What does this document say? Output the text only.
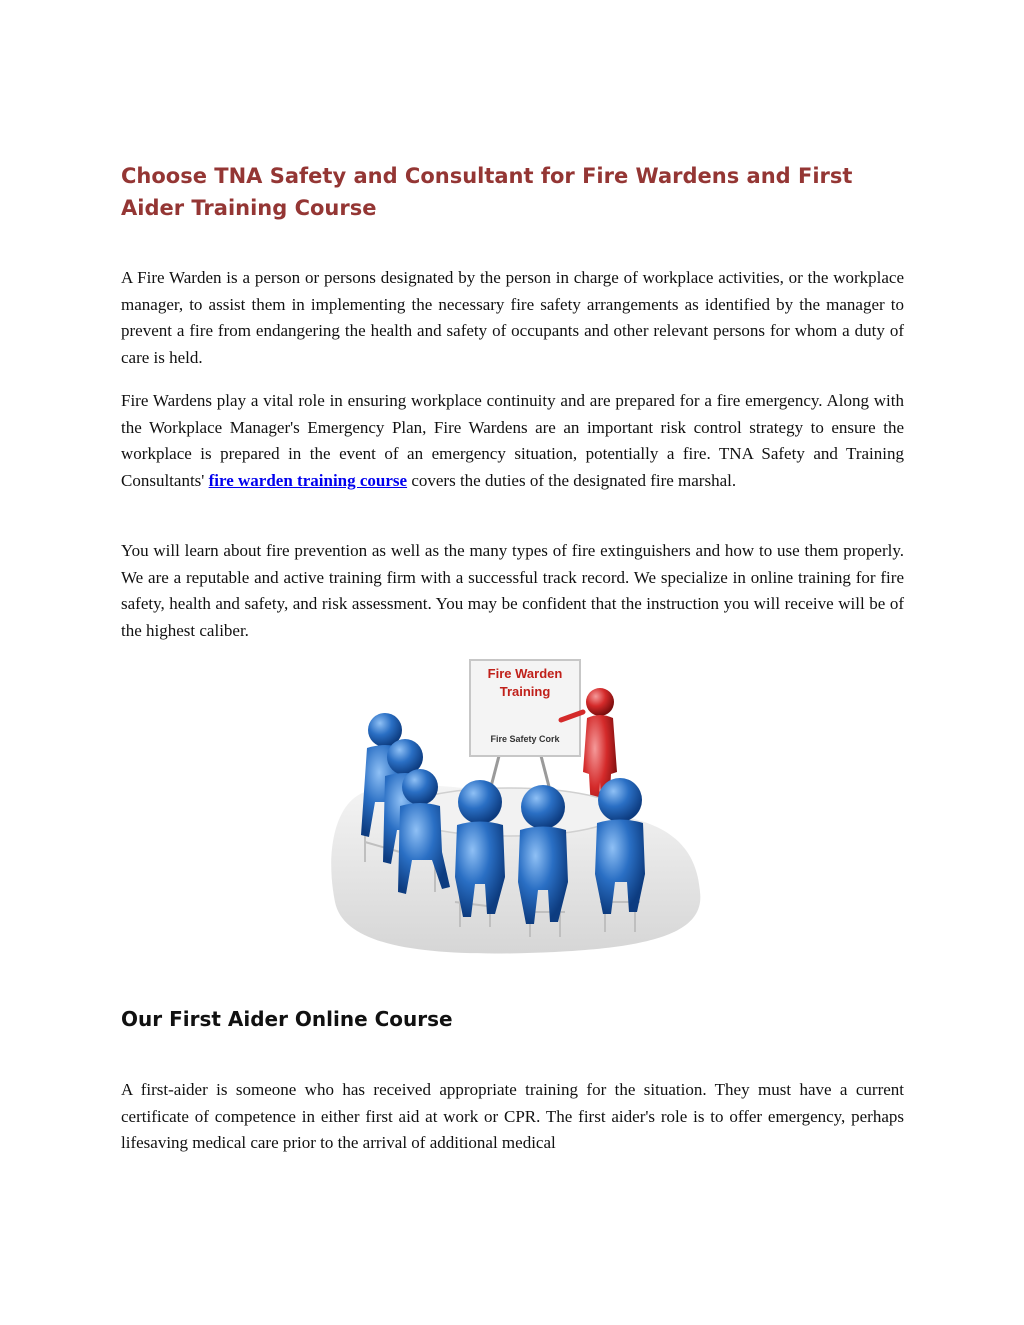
Choose TNA Safety and Consultant for Fire Wardens and First Aider Training Course

A Fire Warden is a person or persons designated by the person in charge of workplace activities, or the workplace manager, to assist them in implementing the necessary fire safety arrangements as identified by the manager to prevent a fire from endangering the health and safety of occupants and other relevant persons for whom a duty of care is held.

Fire Wardens play a vital role in ensuring workplace continuity and are prepared for a fire emergency. Along with the Workplace Manager's Emergency Plan, Fire Wardens are an important risk control strategy to ensure the workplace is prepared in the event of an emergency situation, potentially a fire. TNA Safety and Training Consultants' fire warden training course covers the duties of the designated fire marshal.

You will learn about fire prevention as well as the many types of fire extinguishers and how to use them properly. We are a reputable and active training firm with a successful track record. We specialize in online training for fire safety, health and safety, and risk assessment. You may be confident that the instruction you will receive will be of the highest caliber.

Fire Warden
Training
Fire Safety Cork
Our First Aider Online Course

A first-aider is someone who has received appropriate training for the situation. They must have a current certificate of competence in either first aid at work or CPR. The first aider's role is to offer emergency, perhaps lifesaving medical care prior to the arrival of additional medical
